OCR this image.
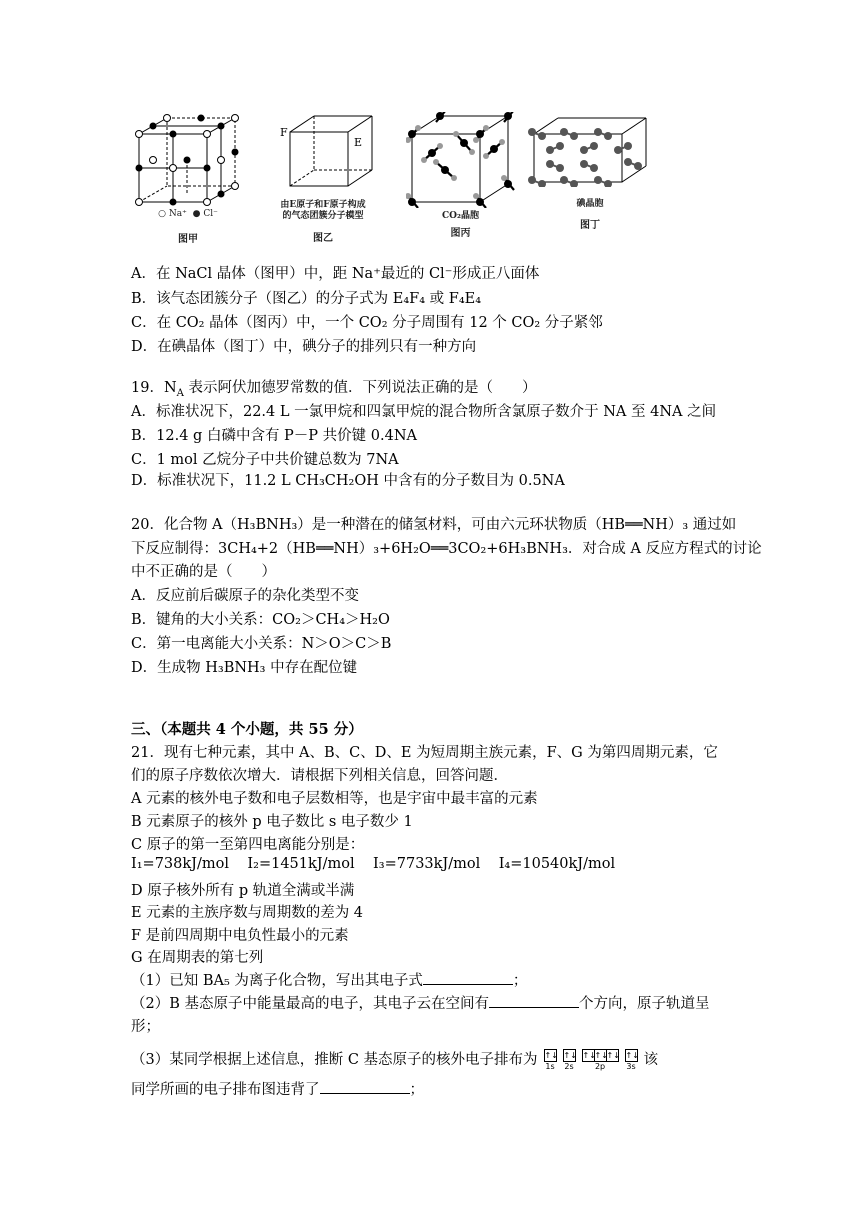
○ Na⁺  ● Cl⁻
图甲
F
E
由E原子和F原子构成
的气态团簇分子模型
图乙
CO₂晶胞
图丙
碘晶胞
图丁
A．在 NaCl 晶体（图甲）中，距 Na⁺最近的 Cl⁻形成正八面体
B．该气态团簇分子（图乙）的分子式为 E₄F₄ 或 F₄E₄
C．在 CO₂ 晶体（图丙）中，一个 CO₂ 分子周围有 12 个 CO₂ 分子紧邻
D．在碘晶体（图丁）中，碘分子的排列只有一种方向
19．$N_A$ 表示阿伏加德罗常数的值．下列说法正确的是（　　）
A．标准状况下，22.4 L 一氯甲烷和四氯甲烷的混合物所含氯原子数介于 NA 至 4NA 之间
B．12.4 g 白磷中含有 P－P 共价键 0.4NA
C．1 mol 乙烷分子中共价键总数为 7NA
D．标准状况下，11.2 L CH₃CH₂OH 中含有的分子数目为 0.5NA
20．化合物 A（H₃BNH₃）是一种潜在的储氢材料，可由六元环状物质（HB══NH）₃ 通过如
下反应制得：3CH₄+2（HB══NH）₃+6H₂O══3CO₂+6H₃BNH₃．对合成 A 反应方程式的讨论
中不正确的是（　　）
A．反应前后碳原子的杂化类型不变
B．键角的大小关系：CO₂＞CH₄＞H₂O
C．第一电离能大小关系：N＞O＞C＞B
D．生成物 H₃BNH₃ 中存在配位键
三、（本题共 4 个小题，共 55 分）
21．现有七种元素，其中 A、B、C、D、E 为短周期主族元素，F、G 为第四周期元素，它
们的原子序数依次增大．请根据下列相关信息，回答问题．
A 元素的核外电子数和电子层数相等，也是宇宙中最丰富的元素
B 元素原子的核外 p 电子数比 s 电子数少 1
C 原子的第一至第四电离能分别是：
I₁=738kJ/mol I₂=1451kJ/mol I₃=7733kJ/mol I₄=10540kJ/mol
D 原子核外所有 p 轨道全满或半满
E 元素的主族序数与周期数的差为 4
F 是前四周期中电负性最小的元素
G 在周期表的第七列
（1）已知 BA₅ 为离子化合物，写出其电子式	；
（2）B 基态原子中能量最高的电子，其电子云在空间有	个方向，原子轨道呈
形；
（3）某同学根据上述信息，推断 C 基态原子的核外电子排布为 ↑↓
1s
↑↓
2s
↑↓
↑↓
↑↓
2p
↑↓
3s 该
同学所画的电子排布图违背了	；
